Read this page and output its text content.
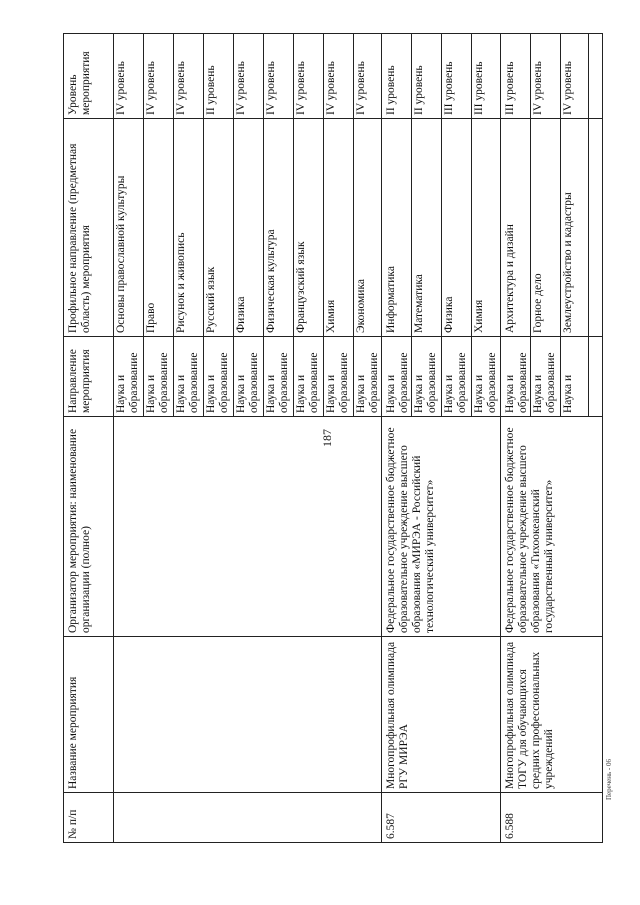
187
№ п/п
Название мероприятия
Организатор мероприятия: наименование организации (полное)
Направление мероприятия
Профильное направление (предметная область) мероприятия
Уровень мероприятия
Наука и образование
Основы православной культуры
IV уровень
Наука и образование
Право
IV уровень
Наука и образование
Рисунок и живопись
IV уровень
Наука и образование
Русский язык
II уровень
Наука и образование
Физика
IV уровень
Наука и образование
Физическая культура
IV уровень
Наука и образование
Французский язык
IV уровень
Наука и образование
Химия
IV уровень
Наука и образование
Экономика
IV уровень
6.587
Многопрофильная олимпиада РГУ МИРЭА
Федеральное государственное бюджетное образовательное учреждение высшего образования «МИРЭА - Российский технологический университет»
Наука и образование
Информатика
II уровень
Наука и образование
Математика
II уровень
Наука и образование
Физика
III уровень
Наука и образование
Химия
III уровень
6.588
Многопрофильная олимпиада ТОГУ для обучающихся средних профессиональных учреждений
Федеральное государственное бюджетное образовательное учреждение высшего образования «Тихоокеанский государственный университет»
Наука и образование
Архитектура и дизайн
III уровень
Наука и образование
Горное дело
IV уровень
Наука и
Землеустройство и кадастры
IV уровень
Перечень - 06
